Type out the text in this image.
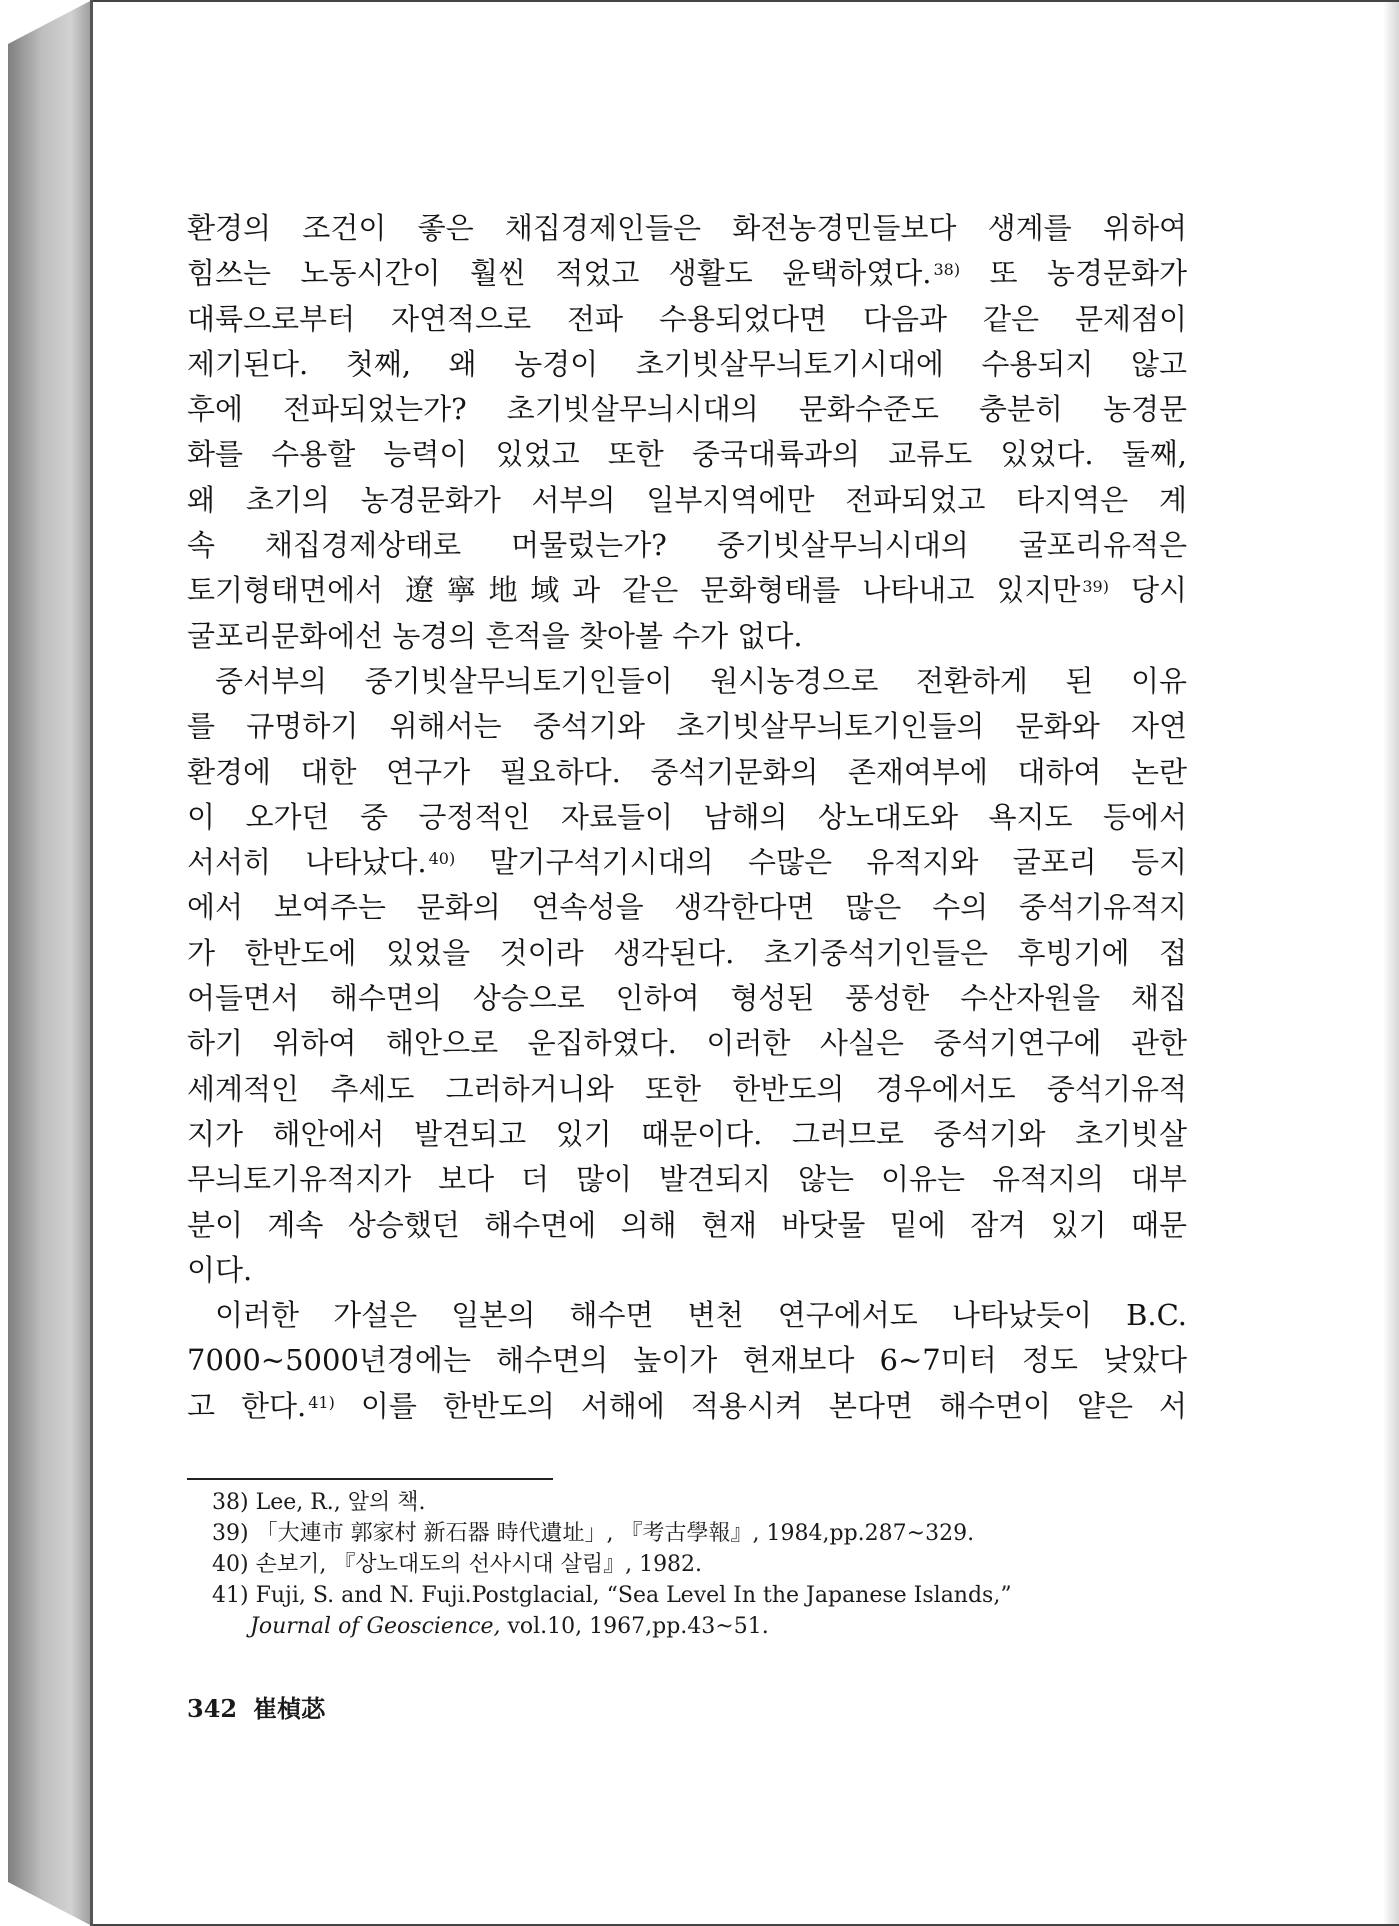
환경의 조건이 좋은 채집경제인들은 화전농경민들보다 생계를 위하여
힘쓰는 노동시간이 훨씬 적었고 생활도 윤택하였다. $^{38)}$ 또 농경문화가
대륙으로부터 자연적으로 전파 수용되었다면 다음과 같은 문제점이
제기된다. 첫째, 왜 농경이 초기빗살무늬토기시대에 수용되지 않고
후에 전파되었는가? 초기빗살무늬시대의 문화수준도 충분히 농경문
화를 수용할 능력이 있었고 또한 중국대륙과의 교류도 있었다. 둘째,
왜 초기의 농경문화가 서부의 일부지역에만 전파되었고 타지역은 계
속 채집경제상태로 머물렀는가? 중기빗살무늬시대의 굴포리유적은
토기형태면에서 遼寧地域과 같은 문화형태를 나타내고 있지만 $^{39)}$ 당시
굴포리문화에선 농경의 흔적을 찾아볼 수가 없다.
중서부의 중기빗살무늬토기인들이 원시농경으로 전환하게 된 이유
를 규명하기 위해서는 중석기와 초기빗살무늬토기인들의 문화와 자연
환경에 대한 연구가 필요하다. 중석기문화의 존재여부에 대하여 논란
이 오가던 중 긍정적인 자료들이 남해의 상노대도와 욕지도 등에서
서서히 나타났다. $^{40)}$ 말기구석기시대의 수많은 유적지와 굴포리 등지
에서 보여주는 문화의 연속성을 생각한다면 많은 수의 중석기유적지
가 한반도에 있었을 것이라 생각된다. 초기중석기인들은 후빙기에 접
어들면서 해수면의 상승으로 인하여 형성된 풍성한 수산자원을 채집
하기 위하여 해안으로 운집하였다. 이러한 사실은 중석기연구에 관한
세계적인 추세도 그러하거니와 또한 한반도의 경우에서도 중석기유적
지가 해안에서 발견되고 있기 때문이다. 그러므로 중석기와 초기빗살
무늬토기유적지가 보다 더 많이 발견되지 않는 이유는 유적지의 대부
분이 계속 상승했던 해수면에 의해 현재 바닷물 밑에 잠겨 있기 때문
이다.
이러한 가설은 일본의 해수면 변천 연구에서도 나타났듯이 B.C.
7000~5000년경에는 해수면의 높이가 현재보다 6~7미터 정도 낮았다
고 한다. $^{41)}$ 이를 한반도의 서해에 적용시켜 본다면 해수면이 얕은 서
38) Lee, R., 앞의 책.
39) 「大連市 郭家村 新石器 時代遺址」, 『考古學報』, 1984,pp.287~329.
40) 손보기, 『상노대도의 선사시대 살림』, 1982.
41) Fuji, S. and N. Fuji.Postglacial, “Sea Level In the Japanese Islands,”
Journal of Geoscience, vol.10, 1967,pp.43~51.
342 崔楨苾
